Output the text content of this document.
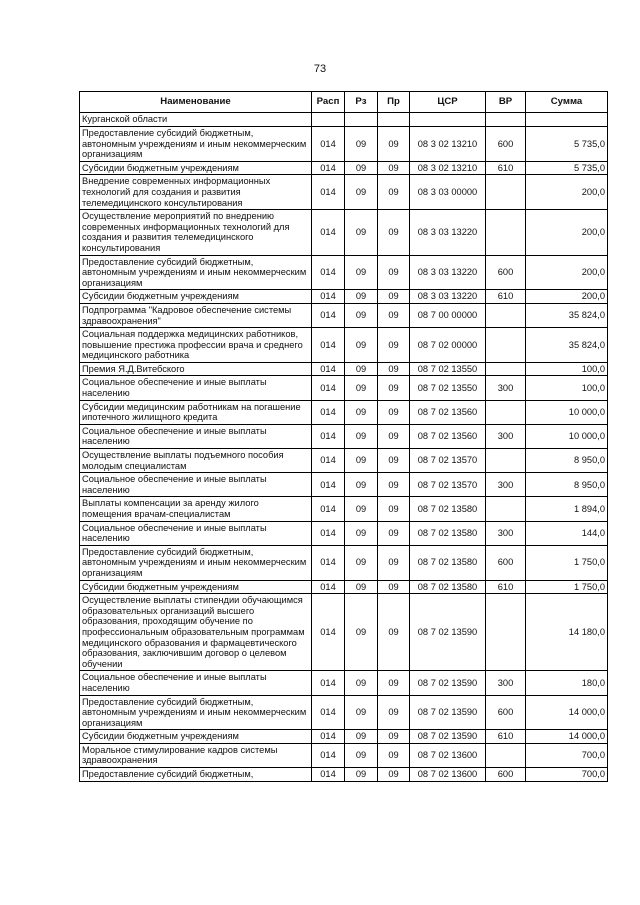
73
Наименование	Расп	Рз	Пр	ЦСР	ВР	Сумма
Курганской области						
Предоставление субсидий бюджетным, автономным учреждениям и иным некоммерческим организациям	014	09	09	08 3 02 13210	600	5 735,0
Субсидии бюджетным учреждениям	014	09	09	08 3 02 13210	610	5 735,0
Внедрение современных информационных технологий для создания и развития телемедицинского консультирования	014	09	09	08 3 03 00000		200,0
Осуществление мероприятий по внедрению современных информационных технологий для создания и развития телемедицинского консультирования	014	09	09	08 3 03 13220		200,0
Предоставление субсидий бюджетным, автономным учреждениям и иным некоммерческим организациям	014	09	09	08 3 03 13220	600	200,0
Субсидии бюджетным учреждениям	014	09	09	08 3 03 13220	610	200,0
Подпрограмма "Кадровое обеспечение системы здравоохранения"	014	09	09	08 7 00 00000		35 824,0
Социальная поддержка медицинских работников, повышение престижа профессии врача и среднего медицинского работника	014	09	09	08 7 02 00000		35 824,0
Премия Я.Д.Витебского	014	09	09	08 7 02 13550		100,0
Социальное обеспечение и иные выплаты населению	014	09	09	08 7 02 13550	300	100,0
Субсидии медицинским работникам на погашение ипотечного жилищного кредита	014	09	09	08 7 02 13560		10 000,0
Социальное обеспечение и иные выплаты населению	014	09	09	08 7 02 13560	300	10 000,0
Осуществление выплаты подъемного пособия молодым специалистам	014	09	09	08 7 02 13570		8 950,0
Социальное обеспечение и иные выплаты населению	014	09	09	08 7 02 13570	300	8 950,0
Выплаты компенсации за аренду жилого помещения врачам-специалистам	014	09	09	08 7 02 13580		1 894,0
Социальное обеспечение и иные выплаты населению	014	09	09	08 7 02 13580	300	144,0
Предоставление субсидий бюджетным, автономным учреждениям и иным некоммерческим организациям	014	09	09	08 7 02 13580	600	1 750,0
Субсидии бюджетным учреждениям	014	09	09	08 7 02 13580	610	1 750,0
Осуществление выплаты стипендии обучающимся образовательных организаций высшего образования, проходящим обучение по профессиональным образовательным программам медицинского образования и фармацевтического образования, заключившим договор о целевом обучении	014	09	09	08 7 02 13590		14 180,0
Социальное обеспечение и иные выплаты населению	014	09	09	08 7 02 13590	300	180,0
Предоставление субсидий бюджетным, автономным учреждениям и иным некоммерческим организациям	014	09	09	08 7 02 13590	600	14 000,0
Субсидии бюджетным учреждениям	014	09	09	08 7 02 13590	610	14 000,0
Моральное стимулирование кадров системы здравоохранения	014	09	09	08 7 02 13600		700,0
Предоставление субсидий бюджетным,	014	09	09	08 7 02 13600	600	700,0
